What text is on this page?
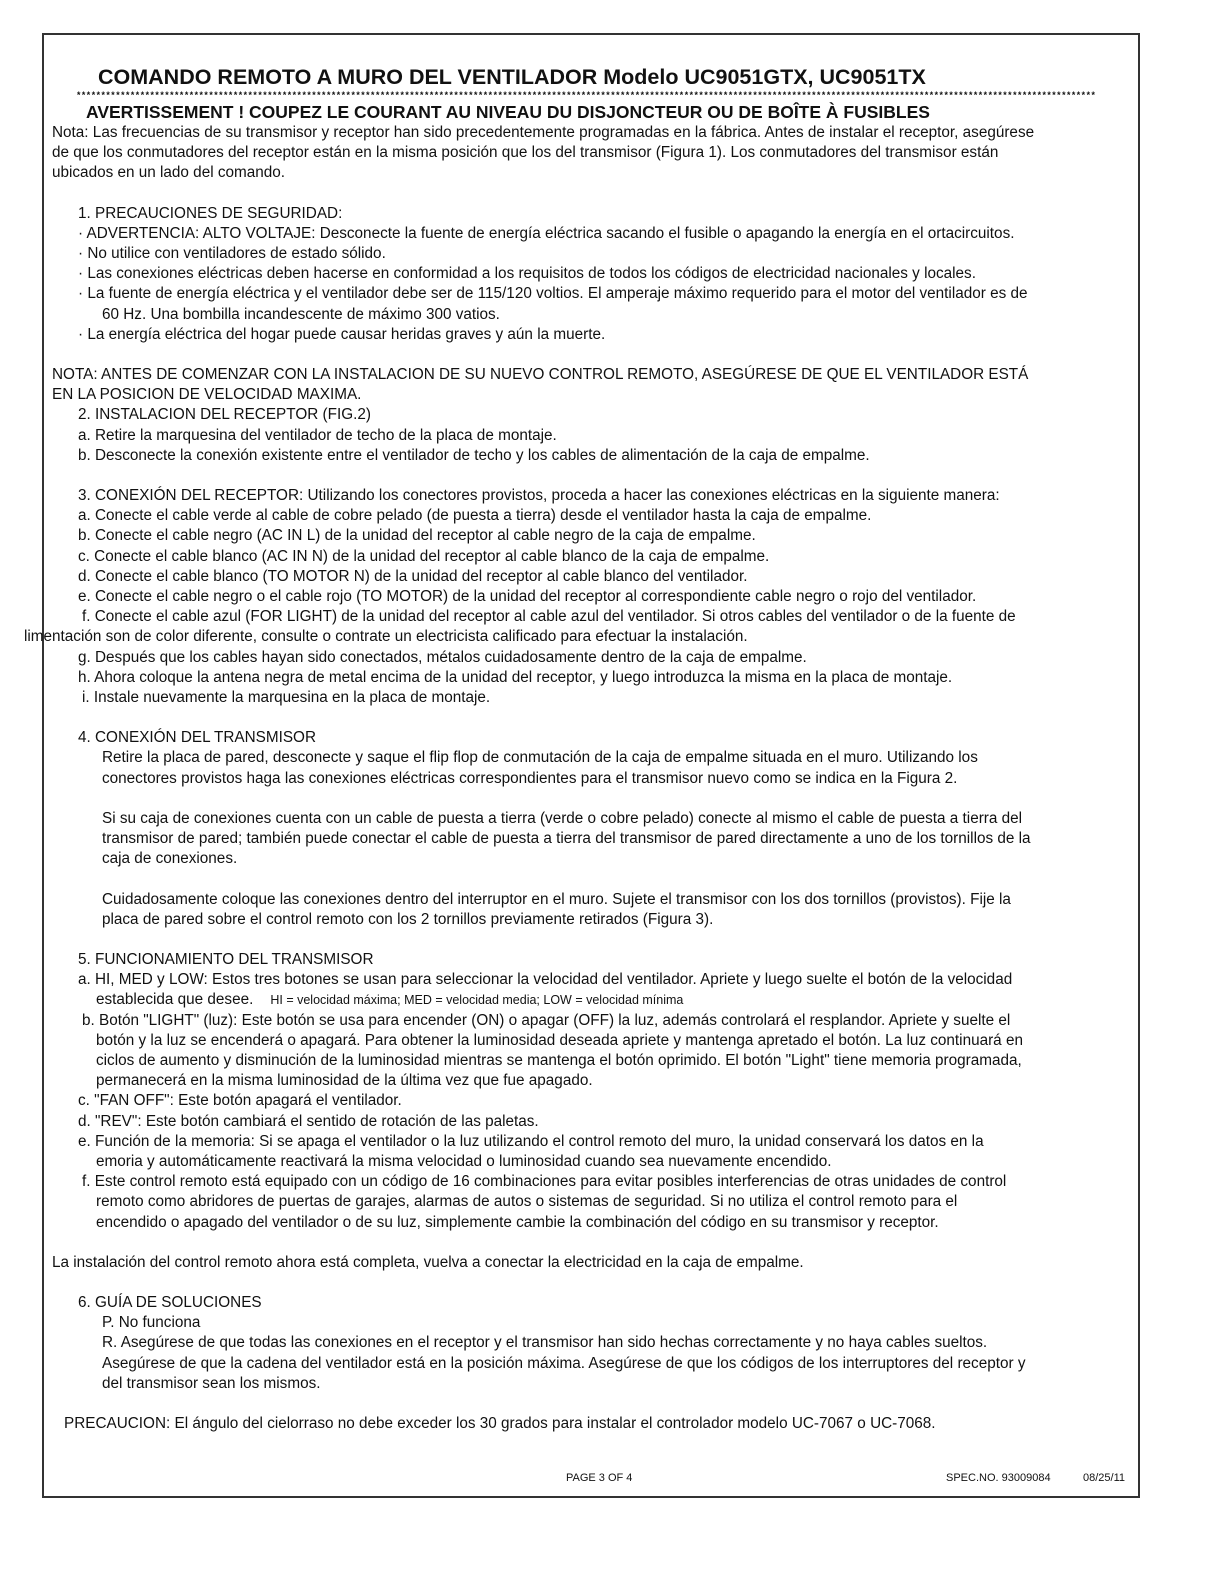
COMANDO REMOTO A MURO DEL VENTILADOR Modelo UC9051GTX, UC9051TX

****************************************************************************************************************************************************************************************************************

AVERTISSEMENT ! COUPEZ LE COURANT AU NIVEAU DU DISJONCTEUR OU DE BOÎTE À FUSIBLES

Nota: Las frecuencias de su transmisor y receptor han sido precedentemente programadas en la fábrica. Antes de instalar el receptor, asegúrese

de que los conmutadores del receptor están en la misma posición que los del transmisor (Figura 1). Los conmutadores del transmisor están

ubicados en un lado del comando.

1. PRECAUCIONES DE SEGURIDAD:

· ADVERTENCIA: ALTO VOLTAJE: Desconecte la fuente de energía eléctrica sacando el fusible o apagando la energía en el ortacircuitos.

· No utilice con ventiladores de estado sólido.

· Las conexiones eléctricas deben hacerse en conformidad a los requisitos de todos los códigos de electricidad nacionales y locales.

· La fuente de energía eléctrica y el ventilador debe ser de 115/120 voltios. El amperaje máximo requerido para el motor del ventilador es de

60 Hz. Una bombilla incandescente de máximo 300 vatios.

· La energía eléctrica del hogar puede causar heridas graves y aún la muerte.

NOTA: ANTES DE COMENZAR CON LA INSTALACION DE SU NUEVO CONTROL REMOTO, ASEGÚRESE DE QUE EL VENTILADOR ESTÁ

EN LA POSICION DE VELOCIDAD MAXIMA.

2. INSTALACION DEL RECEPTOR (FIG.2)

a. Retire la marquesina del ventilador de techo de la placa de montaje.

b. Desconecte la conexión existente entre el ventilador de techo y los cables de alimentación de la caja de empalme.

3. CONEXIÓN DEL RECEPTOR: Utilizando los conectores provistos, proceda a hacer las conexiones eléctricas en la siguiente manera:

a. Conecte el cable verde al cable de cobre pelado (de puesta a tierra) desde el ventilador hasta la caja de empalme.

b. Conecte el cable negro (AC IN L) de la unidad del receptor al cable negro de la caja de empalme.

c. Conecte el cable blanco (AC IN N) de la unidad del receptor al cable blanco de la caja de empalme.

d. Conecte el cable blanco (TO MOTOR N) de la unidad del receptor al cable blanco del ventilador.

e. Conecte el cable negro o el cable rojo (TO MOTOR) de la unidad del receptor al correspondiente cable negro o rojo del ventilador.

f. Conecte el cable azul (FOR LIGHT) de la unidad del receptor al cable azul del ventilador. Si otros cables del ventilador o de la fuente de

limentación son de color diferente, consulte o contrate un electricista calificado para efectuar la instalación.

g. Después que los cables hayan sido conectados, métalos cuidadosamente dentro de la caja de empalme.

h. Ahora coloque la antena negra de metal encima de la unidad del receptor, y luego introduzca la misma en la placa de montaje.

i. Instale nuevamente la marquesina en la placa de montaje.

4. CONEXIÓN DEL TRANSMISOR

Retire la placa de pared, desconecte y saque el flip flop de conmutación de la caja de empalme situada en el muro. Utilizando los

conectores provistos haga las conexiones eléctricas correspondientes para el transmisor nuevo como se indica en la Figura 2.

Si su caja de conexiones cuenta con un cable de puesta a tierra (verde o cobre pelado) conecte al mismo el cable de puesta a tierra del

transmisor de pared; también puede conectar el cable de puesta a tierra del transmisor de pared directamente a uno de los tornillos de la

caja de conexiones.

Cuidadosamente coloque las conexiones dentro del interruptor en el muro. Sujete el transmisor con los dos tornillos (provistos). Fije la

placa de pared sobre el control remoto con los 2 tornillos previamente retirados (Figura 3).

5. FUNCIONAMIENTO DEL TRANSMISOR

a. HI, MED y LOW: Estos tres botones se usan para seleccionar la velocidad del ventilador. Apriete y luego suelte el botón de la velocidad

establecida que desee. HI = velocidad máxima; MED = velocidad media; LOW = velocidad mínima

b. Botón "LIGHT" (luz): Este botón se usa para encender (ON) o apagar (OFF) la luz, además controlará el resplandor. Apriete y suelte el

botón y la luz se encenderá o apagará. Para obtener la luminosidad deseada apriete y mantenga apretado el botón. La luz continuará en

ciclos de aumento y disminución de la luminosidad mientras se mantenga el botón oprimido. El botón "Light" tiene memoria programada,

permanecerá en la misma luminosidad de la última vez que fue apagado.

c. "FAN OFF": Este botón apagará el ventilador.

d. "REV": Este botón cambiará el sentido de rotación de las paletas.

e. Función de la memoria: Si se apaga el ventilador o la luz utilizando el control remoto del muro, la unidad conservará los datos en la

emoria y automáticamente reactivará la misma velocidad o luminosidad cuando sea nuevamente encendido.

f. Este control remoto está equipado con un código de 16 combinaciones para evitar posibles interferencias de otras unidades de control

remoto como abridores de puertas de garajes, alarmas de autos o sistemas de seguridad. Si no utiliza el control remoto para el

encendido o apagado del ventilador o de su luz, simplemente cambie la combinación del código en su transmisor y receptor.

La instalación del control remoto ahora está completa, vuelva a conectar la electricidad en la caja de empalme.

6. GUÍA DE SOLUCIONES

P. No funciona

R. Asegúrese de que todas las conexiones en el receptor y el transmisor han sido hechas correctamente y no haya cables sueltos.

Asegúrese de que la cadena del ventilador está en la posición máxima. Asegúrese de que los códigos de los interruptores del receptor y

del transmisor sean los mismos.

PRECAUCION: El ángulo del cielorraso no debe exceder los 30 grados para instalar el controlador modelo UC-7067 o UC-7068.

PAGE 3 OF 4	SPEC.NO. 93009084	08/25/11
